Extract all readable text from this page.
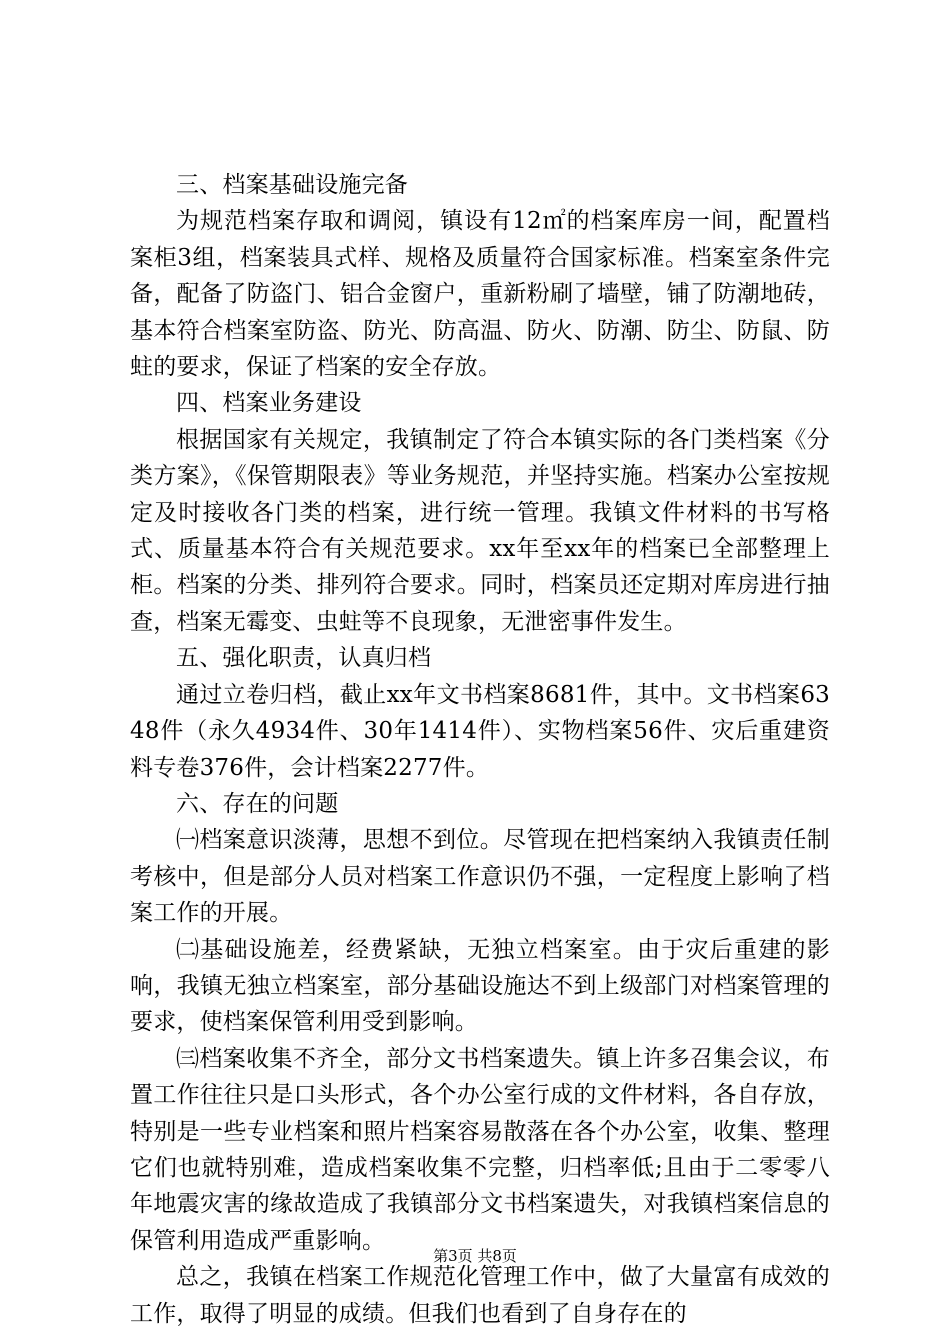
三、档案基础设施完备

为规范档案存取和调阅，镇设有12㎡的档案库房一间，配置档案柜3组，档案装具式样、规格及质量符合国家标准。档案室条件完备，配备了防盗门、铝合金窗户，重新粉刷了墙壁，铺了防潮地砖，基本符合档案室防盗、防光、防高温、防火、防潮、防尘、防鼠、防蛀的要求，保证了档案的安全存放。

四、档案业务建设

根据国家有关规定，我镇制定了符合本镇实际的各门类档案《分类方案》，《保管期限表》等业务规范，并坚持实施。档案办公室按规定及时接收各门类的档案，进行统一管理。我镇文件材料的书写格式、质量基本符合有关规范要求。xx年至xx年的档案已全部整理上柜。档案的分类、排列符合要求。同时，档案员还定期对库房进行抽查，档案无霉变、虫蛀等不良现象，无泄密事件发生。

五、强化职责，认真归档

通过立卷归档，截止xx年文书档案8681件，其中。文书档案6348件（永久4934件、30年1414件）、实物档案56件、灾后重建资料专卷376件，会计档案2277件。

六、存在的问题

㈠档案意识淡薄，思想不到位。尽管现在把档案纳入我镇责任制考核中，但是部分人员对档案工作意识仍不强，一定程度上影响了档案工作的开展。

㈡基础设施差，经费紧缺，无独立档案室。由于灾后重建的影响，我镇无独立档案室，部分基础设施达不到上级部门对档案管理的要求，使档案保管利用受到影响。

㈢档案收集不齐全，部分文书档案遗失。镇上许多召集会议，布置工作往往只是口头形式，各个办公室行成的文件材料，各自存放，特别是一些专业档案和照片档案容易散落在各个办公室，收集、整理它们也就特别难，造成档案收集不完整，归档率低;且由于二零零八年地震灾害的缘故造成了我镇部分文书档案遗失，对我镇档案信息的保管利用造成严重影响。

总之，我镇在档案工作规范化管理工作中，做了大量富有成效的工作，取得了明显的成绩。但我们也看到了自身存在的

第3页 共8页
